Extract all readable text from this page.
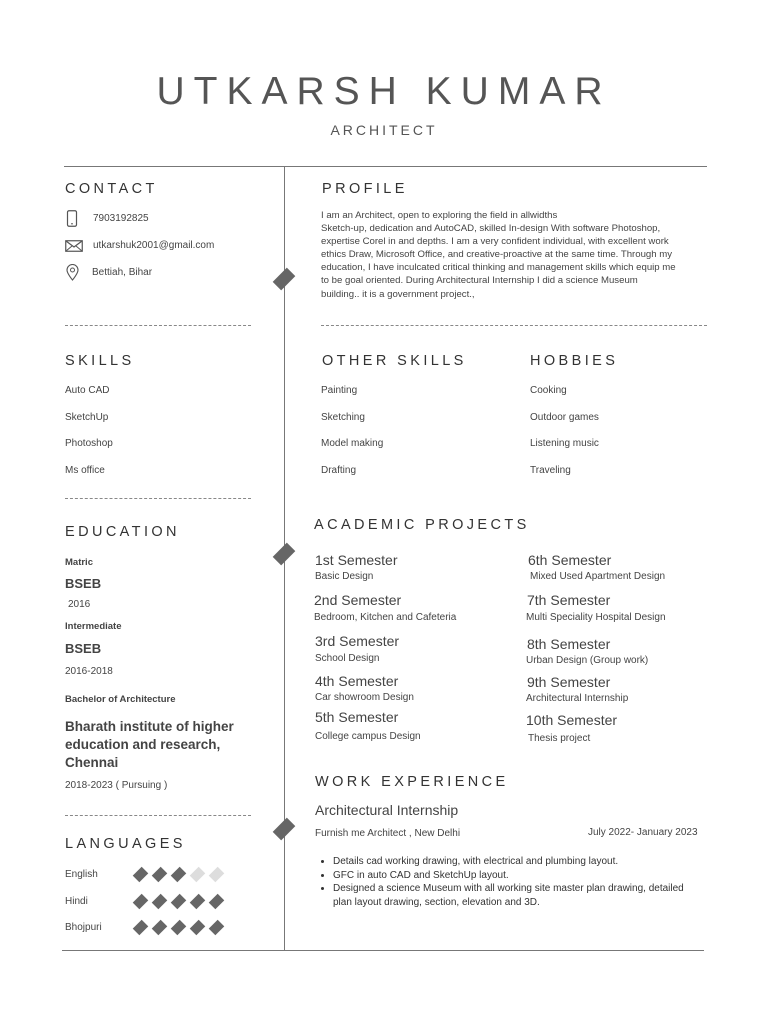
UTKARSH KUMAR
ARCHITECT
CONTACT
7903192825
utkarshuk2001@gmail.com
Bettiah, Bihar
PROFILE
I am an Architect, open to exploring the field in allwidths
Sketch-up, dedication and AutoCAD, skilled In-design With software Photoshop,
expertise Corel in and depths. I am a very confident individual, with excellent work
ethics Draw, Microsoft Office, and creative-proactive at the same time. Through my
education, I have inculcated critical thinking and management skills which equip me
to be goal oriented. During Architectural Internship I did a science Museum
building.. it is a government project.,
SKILLS
Auto CAD
SketchUp
Photoshop
Ms office
OTHER SKILLS
Painting
Sketching
Model making
Drafting
HOBBIES
Cooking
Outdoor games
Listening music
Traveling
EDUCATION
Matric
BSEB
2016
Intermediate
BSEB
2016-2018
Bachelor of Architecture
Bharath institute of higher education and research, Chennai
2018-2023 ( Pursuing )
ACADEMIC PROJECTS
1st Semester
Basic Design
2nd Semester
Bedroom, Kitchen and Cafeteria
3rd Semester
School Design
4th Semester
Car showroom Design
5th Semester
College campus Design
6th Semester
Mixed Used Apartment Design
7th Semester
Multi Speciality Hospital Design
8th Semester
Urban Design (Group work)
9th Semester
Architectural Internship
10th Semester
Thesis project
WORK EXPERIENCE
Architectural Internship
Furnish me Architect , New Delhi	July 2022- January 2023
• Details cad working drawing, with electrical and plumbing layout.
• GFC in auto CAD and SketchUp layout.
• Designed a science Museum with all working site master plan drawing, detailed plan layout drawing, section, elevation and 3D.
LANGUAGES
English
Hindi
Bhojpuri
